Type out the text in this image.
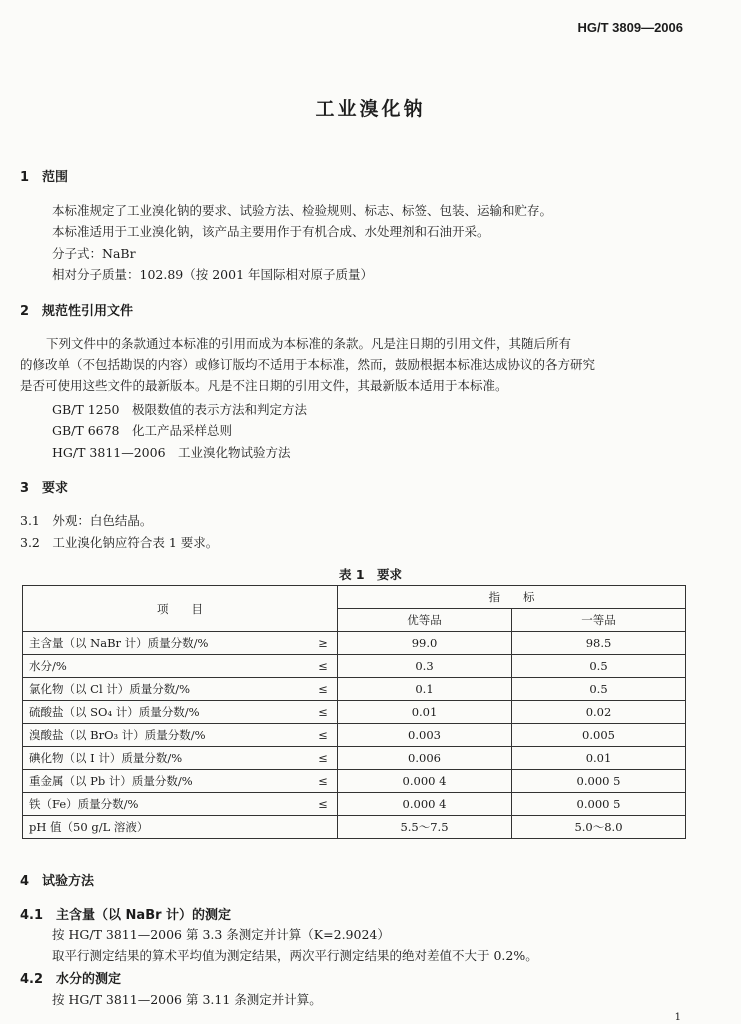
HG/T 3809—2006
工业溴化钠
1　范围
本标准规定了工业溴化钠的要求、试验方法、检验规则、标志、标签、包装、运输和贮存。
本标准适用于工业溴化钠，该产品主要用作于有机合成、水处理剂和石油开采。
分子式：NaBr
相对分子质量：102.89（按 2001 年国际相对原子质量）
2　规范性引用文件
下列文件中的条款通过本标准的引用而成为本标准的条款。凡是注日期的引用文件，其随后所有
的修改单（不包括勘误的内容）或修订版均不适用于本标准，然而，鼓励根据本标准达成协议的各方研究
是否可使用这些文件的最新版本。凡是不注日期的引用文件，其最新版本适用于本标准。
GB/T 1250　极限数值的表示方法和判定方法
GB/T 6678　化工产品采样总则
HG/T 3811—2006　工业溴化物试验方法
3　要求
3.1　外观：白色结晶。
3.2　工业溴化钠应符合表 1 要求。
表 1　要求
项　　目		指　　标	
		优等品	一等品
主含量（以 NaBr 计）质量分数/%	≥	99.0	98.5
水分/%	≤	0.3	0.5
氯化物（以 Cl 计）质量分数/%	≤	0.1	0.5
硫酸盐（以 SO₄ 计）质量分数/%	≤	0.01	0.02
溴酸盐（以 BrO₃ 计）质量分数/%	≤	0.003	0.005
碘化物（以 I 计）质量分数/%	≤	0.006	0.01
重金属（以 Pb 计）质量分数/%	≤	0.000 4	0.000 5
铁（Fe）质量分数/%	≤	0.000 4	0.000 5
pH 值（50 g/L 溶液）		5.5～7.5	5.0～8.0
4　试验方法
4.1　主含量（以 NaBr 计）的测定
按 HG/T 3811—2006 第 3.3 条测定并计算（K=2.9024）
取平行测定结果的算术平均值为测定结果，两次平行测定结果的绝对差值不大于 0.2%。
4.2　水分的测定
按 HG/T 3811—2006 第 3.11 条测定并计算。
1
